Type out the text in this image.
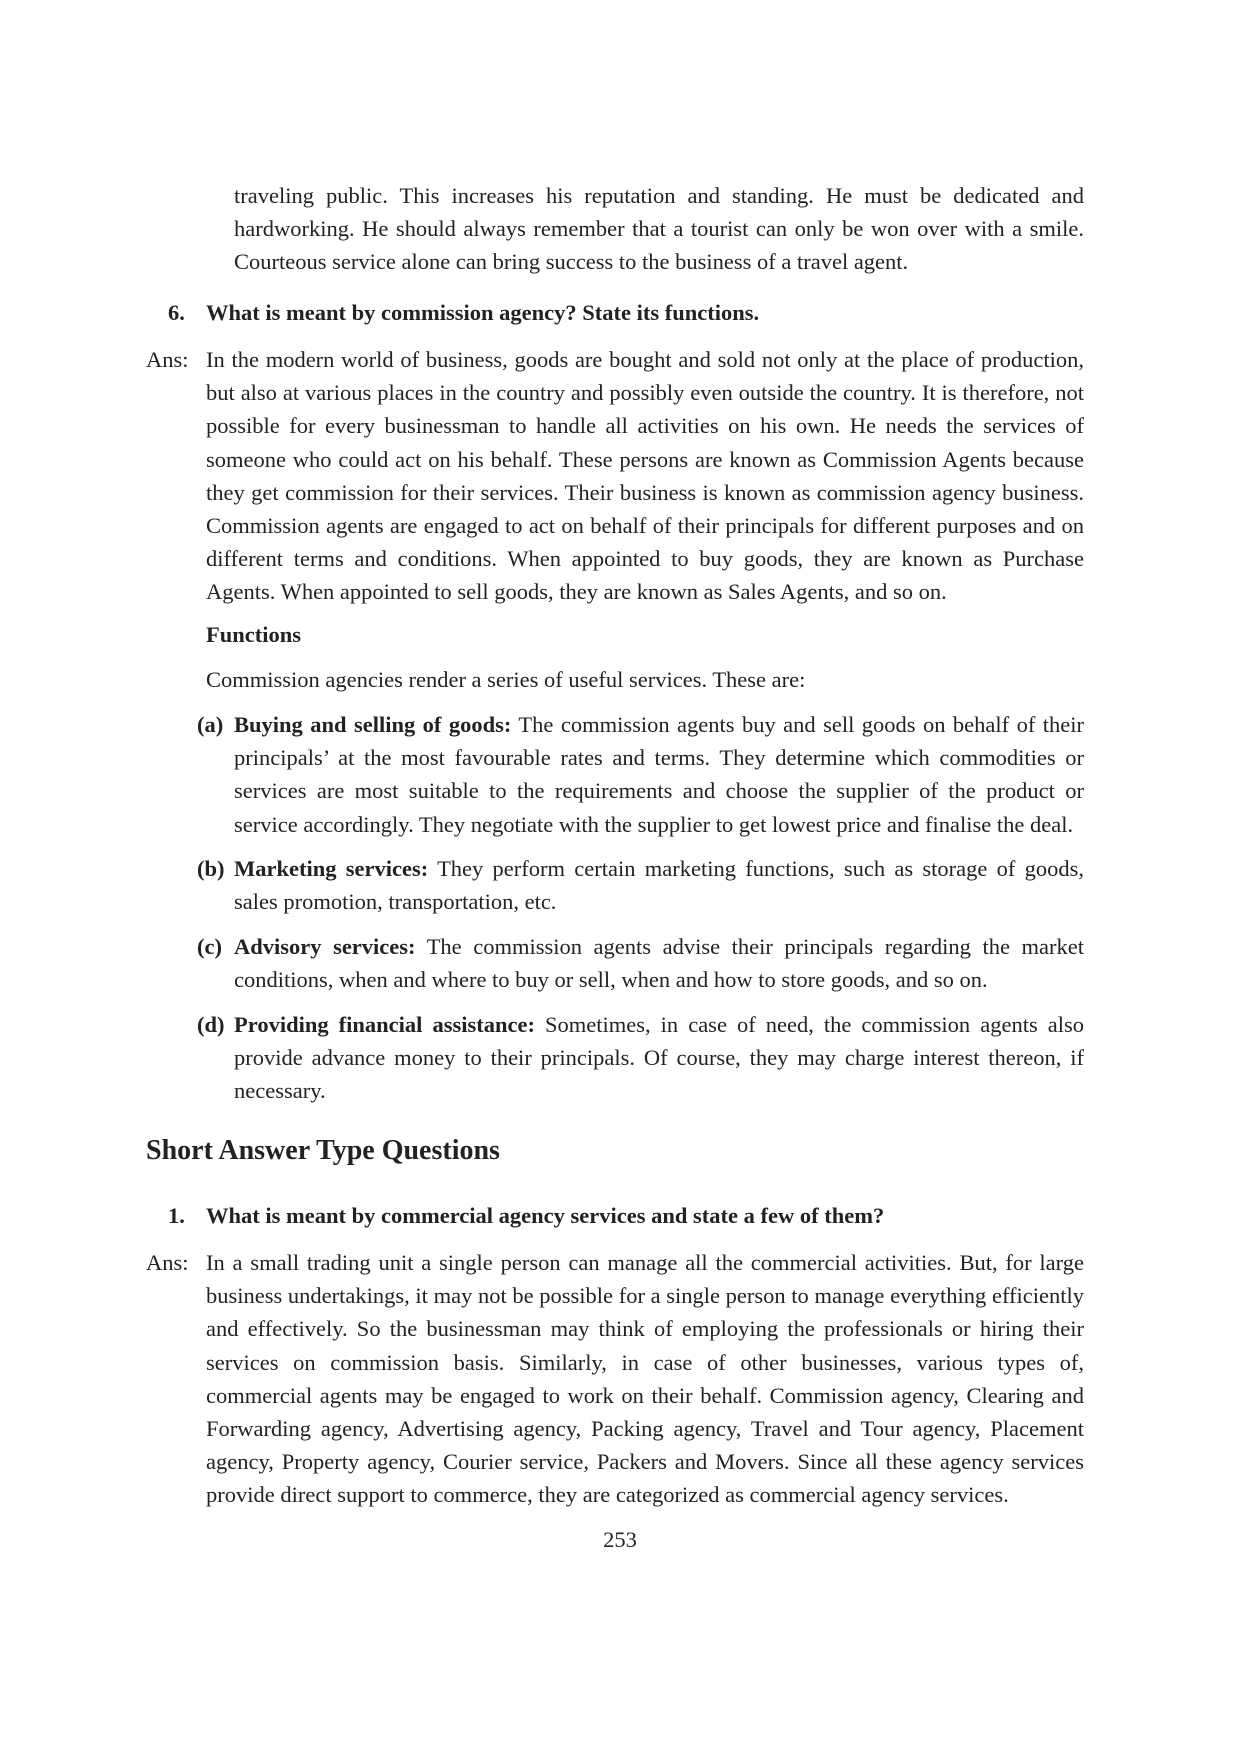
traveling public. This increases his reputation and standing. He must be dedicated and hardworking. He should always remember that a tourist can only be won over with a smile. Courteous service alone can bring success to the business of a travel agent.

6. What is meant by commission agency? State its functions.

Ans: In the modern world of business, goods are bought and sold not only at the place of production, but also at various places in the country and possibly even outside the country. It is therefore, not possible for every businessman to handle all activities on his own. He needs the services of someone who could act on his behalf. These persons are known as Commission Agents because they get commission for their services. Their business is known as commission agency business. Commission agents are engaged to act on behalf of their principals for different purposes and on different terms and conditions. When appointed to buy goods, they are known as Purchase Agents. When appointed to sell goods, they are known as Sales Agents, and so on.

Functions

Commission agencies render a series of useful services. These are:

(a) Buying and selling of goods: The commission agents buy and sell goods on behalf of their principals’ at the most favourable rates and terms. They determine which commodities or services are most suitable to the requirements and choose the supplier of the product or service accordingly. They negotiate with the supplier to get lowest price and finalise the deal.

(b) Marketing services: They perform certain marketing functions, such as storage of goods, sales promotion, transportation, etc.

(c) Advisory services: The commission agents advise their principals regarding the market conditions, when and where to buy or sell, when and how to store goods, and so on.

(d) Providing financial assistance: Sometimes, in case of need, the commission agents also provide advance money to their principals. Of course, they may charge interest thereon, if necessary.

Short Answer Type Questions

1. What is meant by commercial agency services and state a few of them?

Ans: In a small trading unit a single person can manage all the commercial activities. But, for large business undertakings, it may not be possible for a single person to manage everything efficiently and effectively. So the businessman may think of employing the professionals or hiring their services on commission basis. Similarly, in case of other businesses, various types of, commercial agents may be engaged to work on their behalf. Commission agency, Clearing and Forwarding agency, Advertising agency, Packing agency, Travel and Tour agency, Placement agency, Property agency, Courier service, Packers and Movers. Since all these agency services provide direct support to commerce, they are categorized as commercial agency services.

253
